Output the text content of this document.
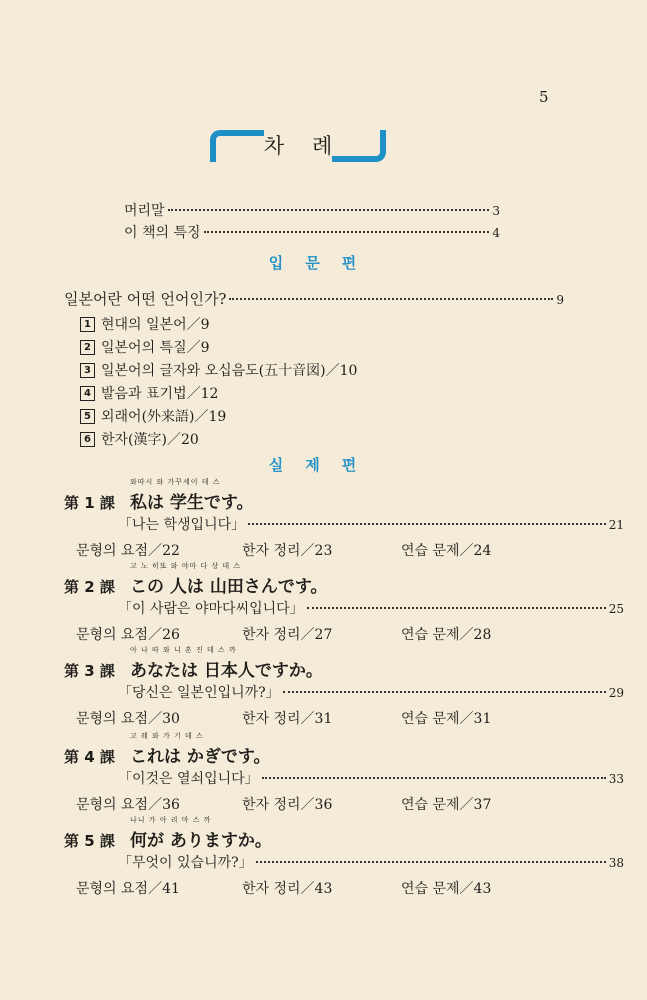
5
차례
머리말	3
이 책의 특징	4
입문편
일본어란 어떤 언어인가?	9
1 현대의 일본어／9
2 일본어의 특질／9
3 일본어의 글자와 오십음도(五十音図)／10
4 발음과 표기법／12
5 외래어(外来語)／19
6 한자(漢字)／20
실제편
第 1 課
와따시 와 가꾸세이 데 스
私は 学生です。
「나는 학생입니다」	21
문형의 요점／22	한자 정리／23	연습 문제／24
第 2 課
고 노 히또 와 야마 다 상 데 스
この 人は 山田さんです。
「이 사람은 야마다씨입니다」	25
문형의 요점／26	한자 정리／27	연습 문제／28
第 3 課
아 나 따 와 니 혼 진 데 스 까
あなたは 日本人ですか。
「당신은 일본인입니까?」	29
문형의 요점／30	한자 정리／31	연습 문제／31
第 4 課
고 레 와 가 기 데 스
これは かぎです。
「이것은 열쇠입니다」	33
문형의 요점／36	한자 정리／36	연습 문제／37
第 5 課
나니 가 아 리 마 스 까
何が ありますか。
「무엇이 있습니까?」	38
문형의 요점／41	한자 정리／43	연습 문제／43
